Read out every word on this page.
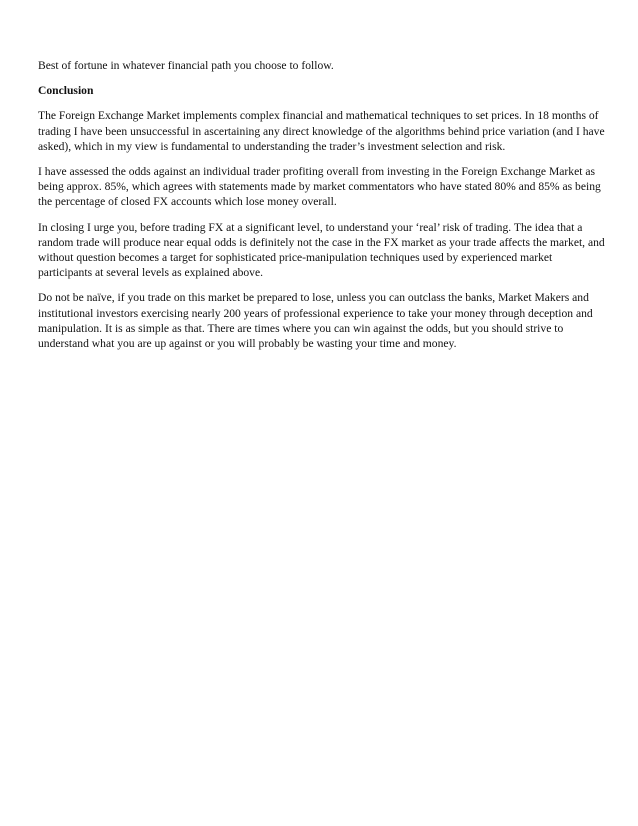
Best of fortune in whatever financial path you choose to follow.

Conclusion

The Foreign Exchange Market implements complex financial and mathematical techniques to set prices. In 18 months of trading I have been unsuccessful in ascertaining any direct knowledge of the algorithms behind price variation (and I have asked), which in my view is fundamental to understanding the trader’s investment selection and risk.

I have assessed the odds against an individual trader profiting overall from investing in the Foreign Exchange Market as being approx. 85%, which agrees with statements made by market commentators who have stated 80% and 85% as being the percentage of closed FX accounts which lose money overall.

In closing I urge you, before trading FX at a significant level, to understand your ‘real’ risk of trading. The idea that a random trade will produce near equal odds is definitely not the case in the FX market as your trade affects the market, and without question becomes a target for sophisticated price-manipulation techniques used by experienced market participants at several levels as explained above.

Do not be naïve, if you trade on this market be prepared to lose, unless you can outclass the banks, Market Makers and institutional investors exercising nearly 200 years of professional experience to take your money through deception and manipulation. It is as simple as that. There are times where you can win against the odds, but you should strive to understand what you are up against or you will probably be wasting your time and money.
